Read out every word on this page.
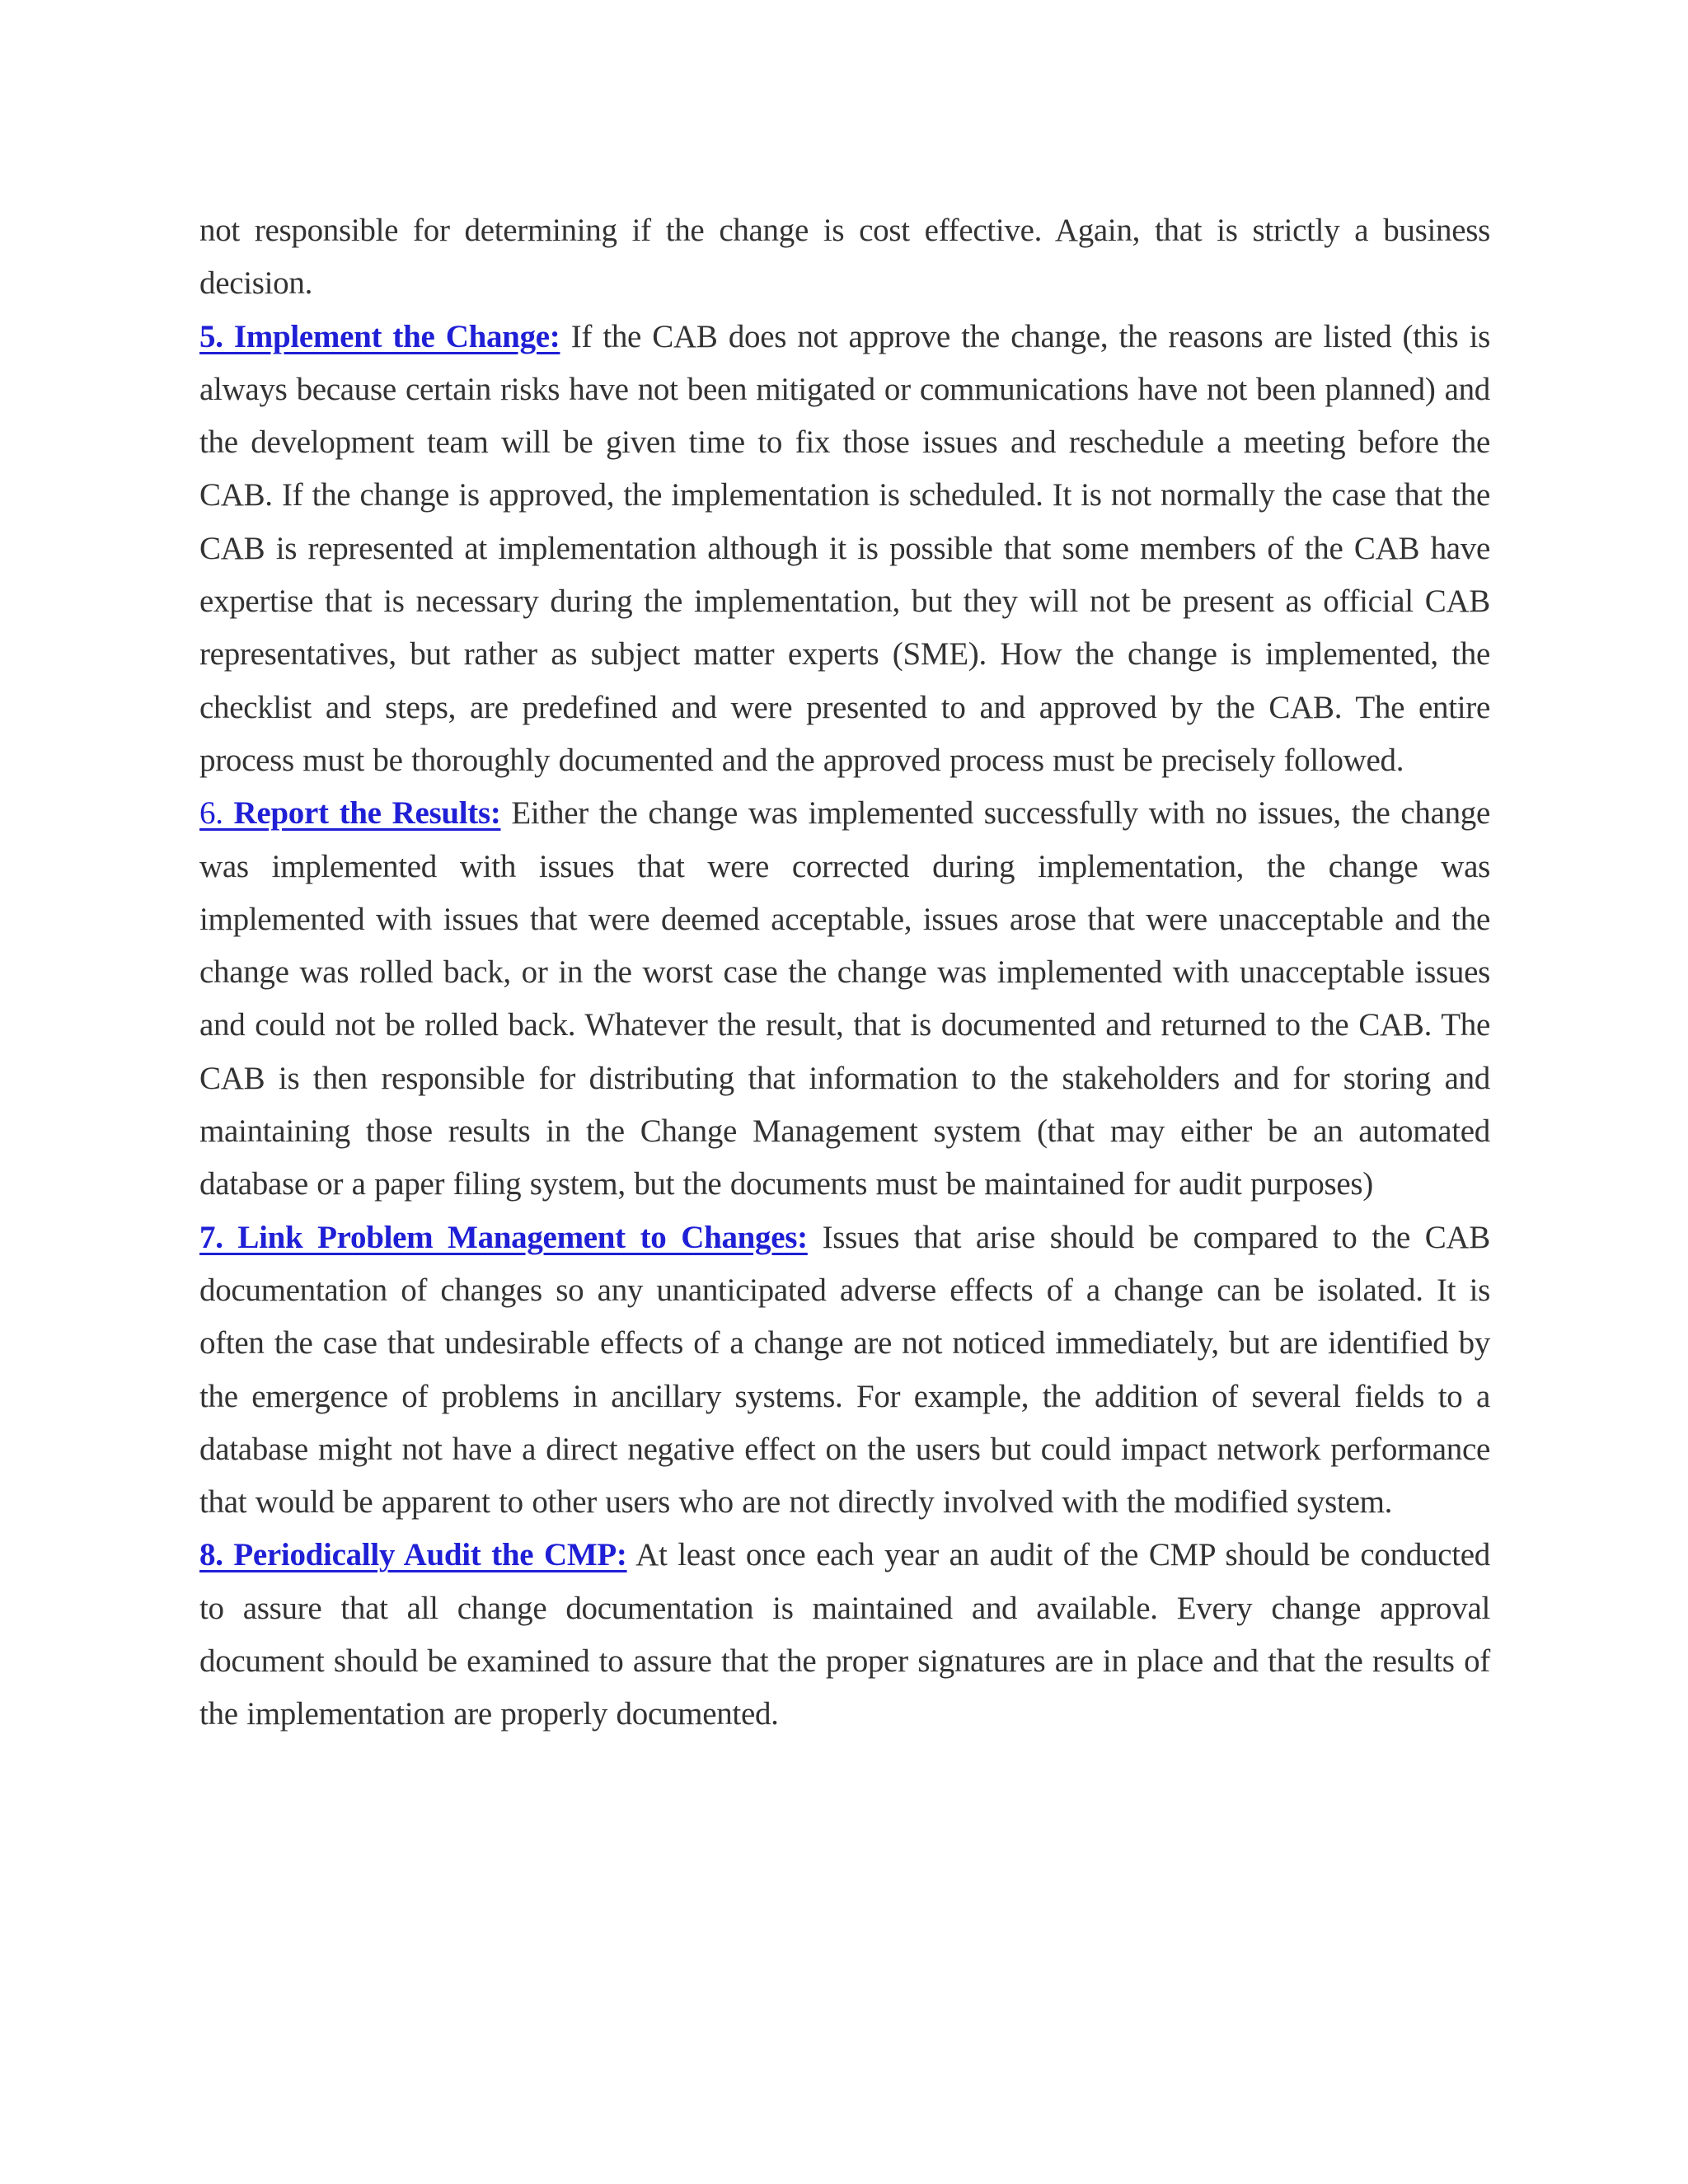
not responsible for determining if the change is cost effective. Again, that is strictly a business decision.

5. Implement the Change: If the CAB does not approve the change, the reasons are listed (this is always because certain risks have not been mitigated or communications have not been planned) and the development team will be given time to fix those issues and reschedule a meeting before the CAB. If the change is approved, the implementation is scheduled. It is not normally the case that the CAB is represented at implementation although it is possible that some members of the CAB have expertise that is necessary during the implementation, but they will not be present as official CAB representatives, but rather as subject matter experts (SME). How the change is implemented, the checklist and steps, are predefined and were presented to and approved by the CAB. The entire process must be thoroughly documented and the approved process must be precisely followed.

6. Report the Results: Either the change was implemented successfully with no issues, the change was implemented with issues that were corrected during implementation, the change was implemented with issues that were deemed acceptable, issues arose that were unacceptable and the change was rolled back, or in the worst case the change was implemented with unacceptable issues and could not be rolled back. Whatever the result, that is documented and returned to the CAB. The CAB is then responsible for distributing that information to the stakeholders and for storing and maintaining those results in the Change Management system (that may either be an automated database or a paper filing system, but the documents must be maintained for audit purposes)

7. Link Problem Management to Changes: Issues that arise should be compared to the CAB documentation of changes so any unanticipated adverse effects of a change can be isolated. It is often the case that undesirable effects of a change are not noticed immediately, but are identified by the emergence of problems in ancillary systems. For example, the addition of several fields to a database might not have a direct negative effect on the users but could impact network performance that would be apparent to other users who are not directly involved with the modified system.

8. Periodically Audit the CMP: At least once each year an audit of the CMP should be conducted to assure that all change documentation is maintained and available. Every change approval document should be examined to assure that the proper signatures are in place and that the results of the implementation are properly documented.
